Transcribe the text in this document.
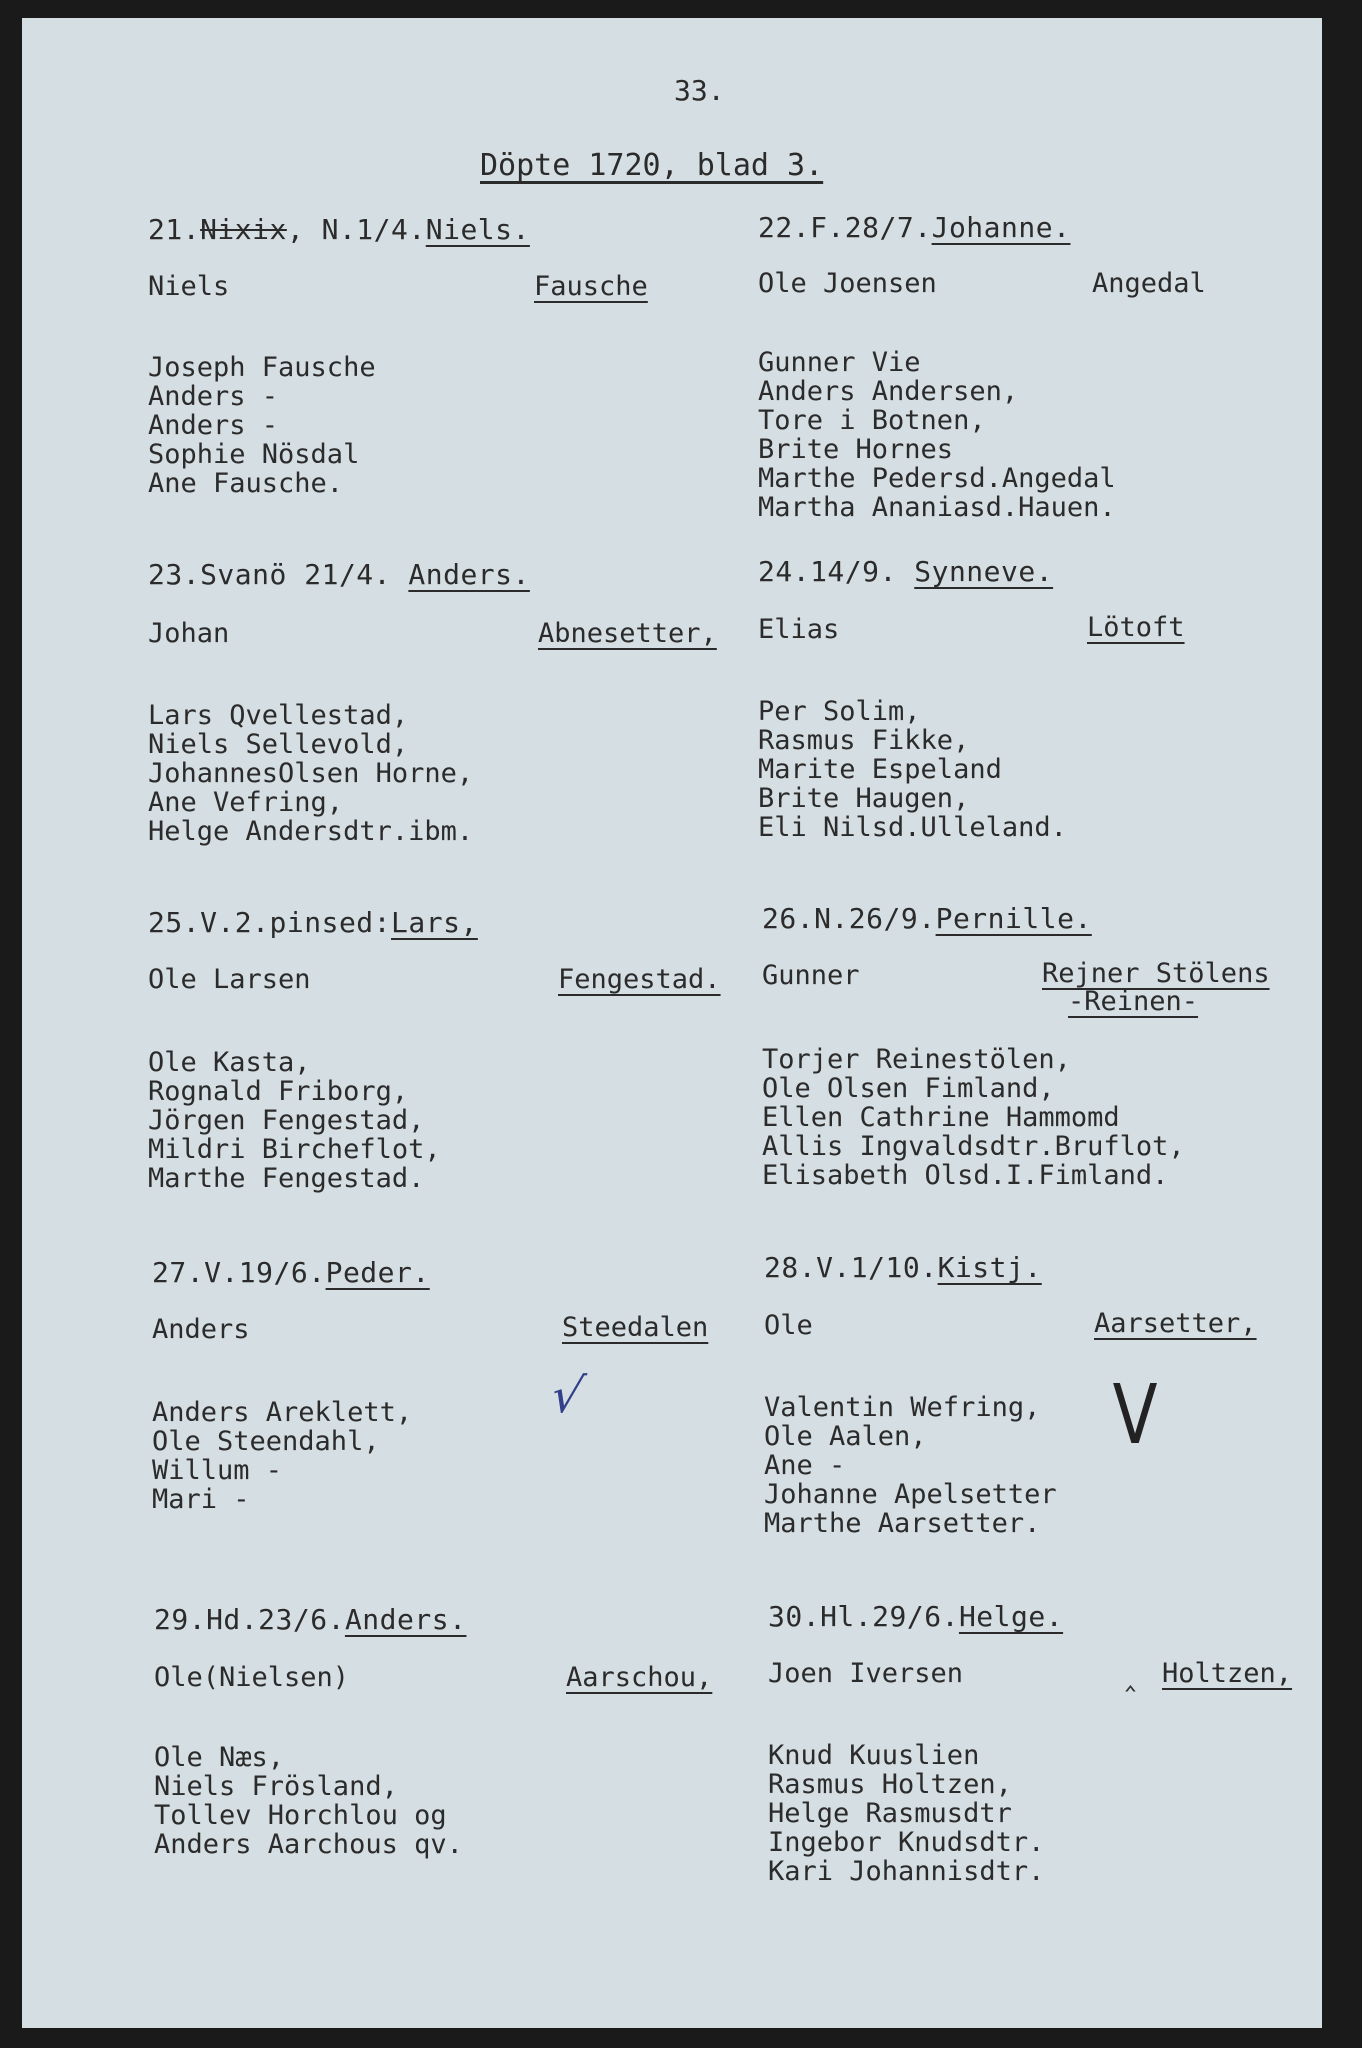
33.
Döpte 1720, blad 3.
21.Nixix, N.1/4.Niels.
Niels	Fausche
Joseph Fausche
Anders -
Anders -
Sophie Nösdal
Ane Fausche.
22.F.28/7.Johanne.
Ole Joensen	Angedal
Gunner Vie
Anders Andersen,
Tore i Botnen,
Brite Hornes
Marthe Pedersd.Angedal
Martha Ananiasd.Hauen.
23.Svanö 21/4. Anders.
Johan	Abnesetter,
Lars Qvellestad,
Niels Sellevold,
JohannesOlsen Horne,
Ane Vefring,
Helge Andersdtr.ibm.
24.14/9. Synneve.
Elias	Lötoft
Per Solim,
Rasmus Fikke,
Marite Espeland
Brite Haugen,
Eli Nilsd.Ulleland.
25.V.2.pinsed:Lars,
Ole Larsen	Fengestad.
Ole Kasta,
Rognald Friborg,
Jörgen Fengestad,
Mildri Bircheflot,
Marthe Fengestad.
26.N.26/9.Pernille.
Gunner	Rejner Stölens
-Reinen-
Torjer Reinestölen,
Ole Olsen Fimland,
Ellen Cathrine Hammomd
Allis Ingvaldsdtr.Bruflot,
Elisabeth Olsd.I.Fimland.
27.V.19/6.Peder.
Anders	Steedalen
√
Anders Areklett,
Ole Steendahl,
Willum -
Mari -
28.V.1/10.Kistj.
Ole	Aarsetter,
V
Valentin Wefring,
Ole Aalen,
Ane -
Johanne Apelsetter
Marthe Aarsetter.
29.Hd.23/6.Anders.
Ole(Nielsen)	Aarschou,
Ole Næs,
Niels Frösland,
Tollev Horchlou og
Anders Aarchous qv.
30.Hl.29/6.Helge.
Joen Iversen	‸ Holtzen,
Knud Kuuslien
Rasmus Holtzen,
Helge Rasmusdtr
Ingebor Knudsdtr.
Kari Johannisdtr.
